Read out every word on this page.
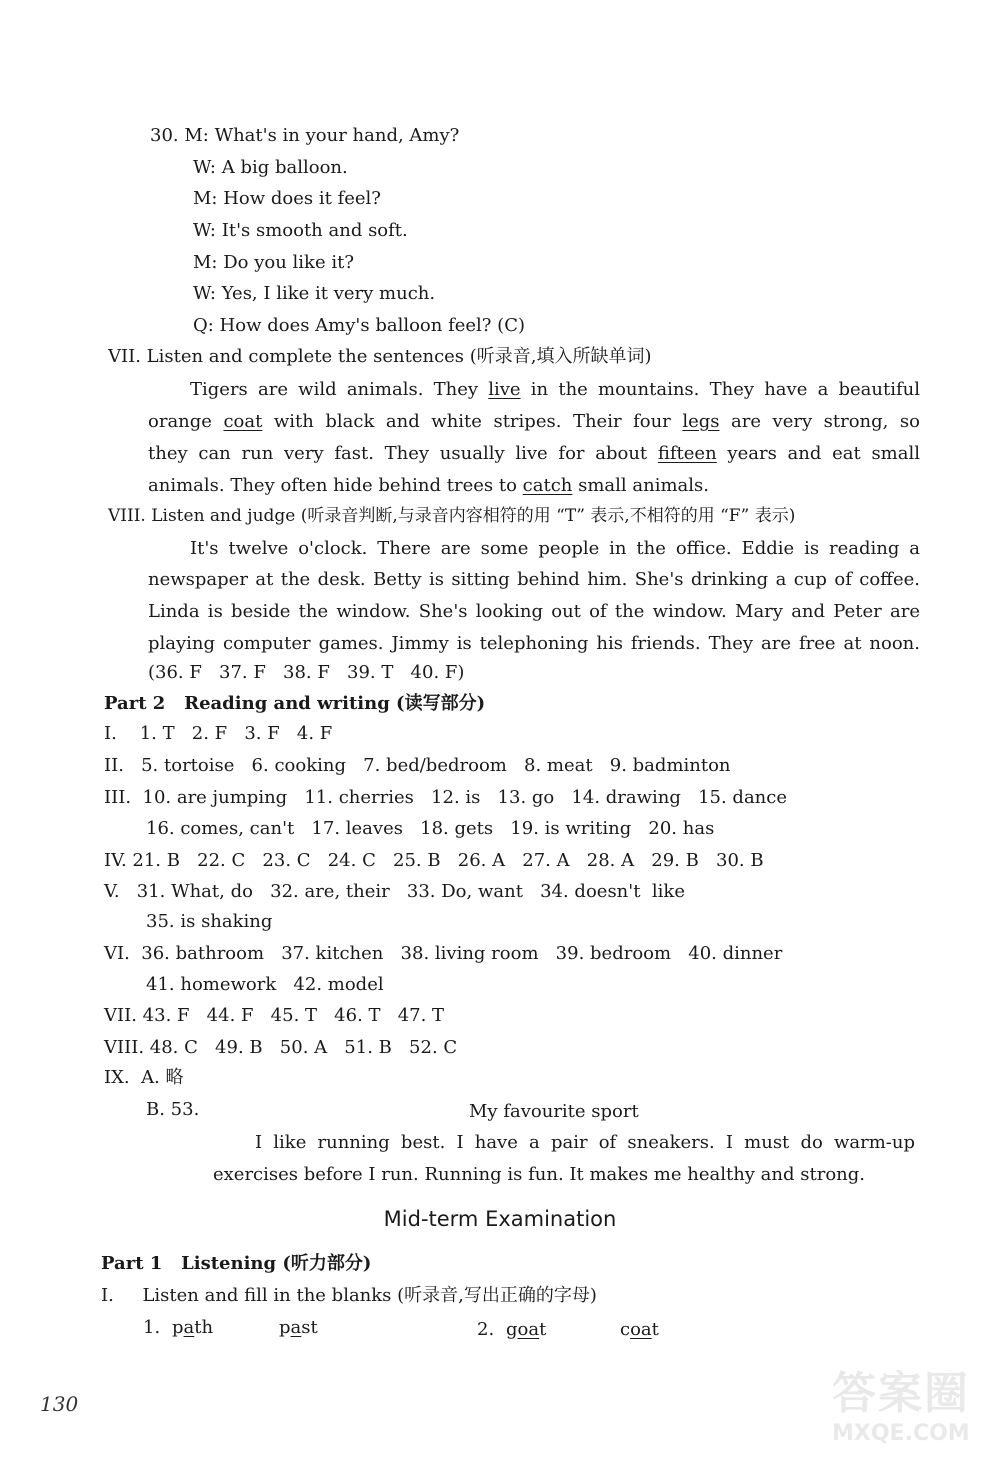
30. M: What's in your hand, Amy?
W: A big balloon.
M: How does it feel?
W: It's smooth and soft.
M: Do you like it?
W: Yes, I like it very much.
Q: How does Amy's balloon feel? (C)
VII. Listen and complete the sentences (听录音,填入所缺单词)
Tigers are wild animals. They live in the mountains. They have a beautiful
orange coat with black and white stripes. Their four legs are very strong, so
they can run very fast. They usually live for about fifteen years and eat small
animals. They often hide behind trees to catch small animals.
VIII. Listen and judge (听录音判断,与录音内容相符的用 “T” 表示,不相符的用 “F” 表示)
It's twelve o'clock. There are some people in the office. Eddie is reading a
newspaper at the desk. Betty is sitting behind him. She's drinking a cup of coffee.
Linda is beside the window. She's looking out of the window. Mary and Peter are
playing computer games. Jimmy is telephoning his friends. They are free at noon.
(36. F   37. F   38. F   39. T   40. F)
Part 2   Reading and writing (读写部分)
I.    1. T   2. F   3. F   4. F
II.   5. tortoise   6. cooking   7. bed/bedroom   8. meat   9. badminton
III.  10. are jumping   11. cherries   12. is   13. go   14. drawing   15. dance
16. comes, can't   17. leaves   18. gets   19. is writing   20. has
IV. 21. B   22. C   23. C   24. C   25. B   26. A   27. A   28. A   29. B   30. B
V.   31. What, do   32. are, their   33. Do, want   34. doesn't  like
35. is shaking
VI.  36. bathroom   37. kitchen   38. living room   39. bedroom   40. dinner
41. homework   42. model
VII. 43. F   44. F   45. T   46. T   47. T
VIII. 48. C   49. B   50. A   51. B   52. C
IX.  A. 略
B. 53.	My favourite sport
I like running best. I have a pair of sneakers. I must do warm-up
exercises before I run. Running is fun. It makes me healthy and strong.
Mid-term Examination
Part 1   Listening (听力部分)
I.     Listen and fill in the blanks (听录音,写出正确的字母)
1. path	past	2. goat	coat
130	答案圈
MXQE.COM
